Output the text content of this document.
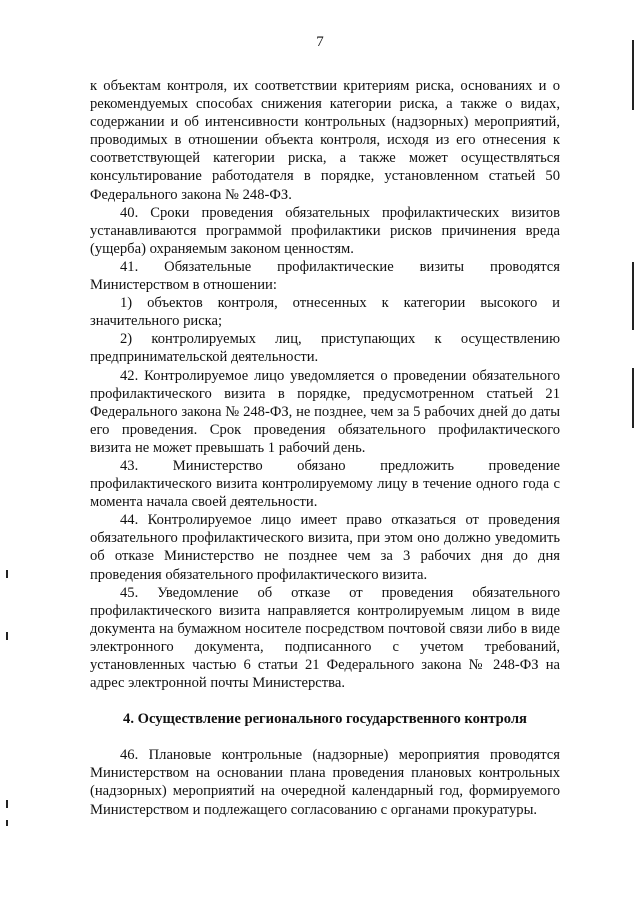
7

к объектам контроля, их соответствии критериям риска, основаниях и о рекомендуемых способах снижения категории риска, а также о видах, содержании и об интенсивности контрольных (надзорных) мероприятий, проводимых в отношении объекта контроля, исходя из его отнесения к соответствующей категории риска, а также может осуществляться консультирование работодателя в порядке, установленном статьей 50 Федерального закона № 248-ФЗ.

40. Сроки проведения обязательных профилактических визитов устанавливаются программой профилактики рисков причинения вреда (ущерба) охраняемым законом ценностям.

41. Обязательные профилактические визиты проводятся Министерством в отношении:

1) объектов контроля, отнесенных к категории высокого и значительного риска;

2) контролируемых лиц, приступающих к осуществлению предпринимательской деятельности.

42. Контролируемое лицо уведомляется о проведении обязательного профилактического визита в порядке, предусмотренном статьей 21 Федерального закона № 248-ФЗ, не позднее, чем за 5 рабочих дней до даты его проведения. Срок проведения обязательного профилактического визита не может превышать 1 рабочий день.

43. Министерство обязано предложить проведение профилактического визита контролируемому лицу в течение одного года с момента начала своей деятельности.

44. Контролируемое лицо имеет право отказаться от проведения обязательного профилактического визита, при этом оно должно уведомить об отказе Министерство не позднее чем за 3 рабочих дня до дня проведения обязательного профилактического визита.

45. Уведомление об отказе от проведения обязательного профилактического визита направляется контролируемым лицом в виде документа на бумажном носителе посредством почтовой связи либо в виде электронного документа, подписанного с учетом требований, установленных частью 6 статьи 21 Федерального закона № 248-ФЗ на адрес электронной почты Министерства.

4. Осуществление регионального государственного контроля

46. Плановые контрольные (надзорные) мероприятия проводятся Министерством на основании плана проведения плановых контрольных (надзорных) мероприятий на очередной календарный год, формируемого Министерством и подлежащего согласованию с органами прокуратуры.
